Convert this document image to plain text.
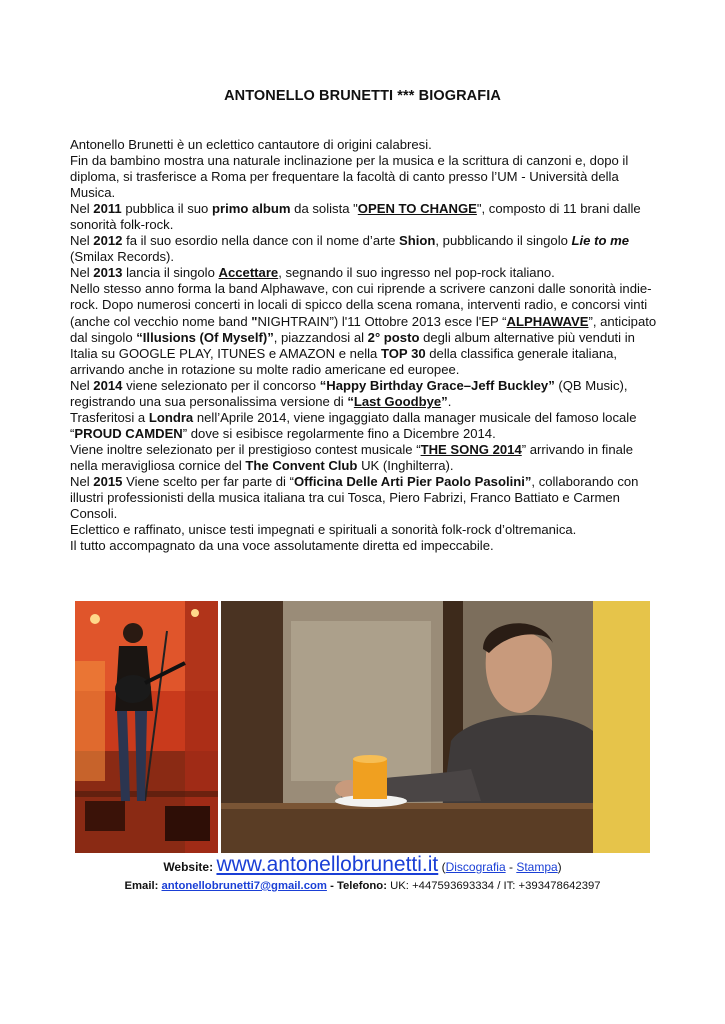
ANTONELLO BRUNETTI *** BIOGRAFIA

Antonello Brunetti è un eclettico cantautore di origini calabresi.

Fin da bambino mostra una naturale inclinazione per la musica e la scrittura di canzoni e, dopo il diploma, si trasferisce a Roma per frequentare la facoltà di canto presso l’UM - Università della Musica.

Nel 2011 pubblica il suo primo album da solista "OPEN TO CHANGE", composto di 11 brani dalle sonorità folk-rock.

Nel 2012 fa il suo esordio nella dance con il nome d’arte Shion, pubblicando il singolo Lie to me (Smilax Records).

Nel 2013 lancia il singolo Accettare, segnando il suo ingresso nel pop-rock italiano.

Nello stesso anno forma la band Alphawave, con cui riprende a scrivere canzoni dalle sonorità indie-rock. Dopo numerosi concerti in locali di spicco della scena romana, interventi radio, e concorsi vinti (anche col vecchio nome band "NIGHTRAIN”) l'11 Ottobre 2013 esce l'EP “ALPHAWAVE”, anticipato dal singolo “Illusions (Of Myself)”, piazzandosi al 2° posto degli album alternative più venduti in Italia su GOOGLE PLAY, ITUNES e AMAZON e nella TOP 30 della classifica generale italiana, arrivando anche in rotazione su molte radio americane ed europee.

Nel 2014 viene selezionato per il concorso “Happy Birthday Grace–Jeff Buckley” (QB Music), registrando una sua personalissima versione di “Last Goodbye”.

Trasferitosi a Londra nell’Aprile 2014, viene ingaggiato dalla manager musicale del famoso locale “PROUD CAMDEN” dove si esibisce regolarmente fino a Dicembre 2014.

Viene inoltre selezionato per il prestigioso contest musicale “THE SONG 2014” arrivando in finale nella meravigliosa cornice del The Convent Club UK (Inghilterra).

Nel 2015 Viene scelto per far parte di “Officina Delle Arti Pier Paolo Pasolini”, collaborando con illustri professionisti della musica italiana tra cui Tosca, Piero Fabrizi, Franco Battiato e Carmen Consoli.

Eclettico e raffinato, unisce testi impegnati e spirituali a sonorità folk-rock d’oltremanica.

Il tutto accompagnato da una voce assolutamente diretta ed impeccabile.

Website: www.antonellobrunetti.it (Discografia - Stampa)
Email: antonellobrunetti7@gmail.com - Telefono: UK: +447593693334 / IT: +393478642397
